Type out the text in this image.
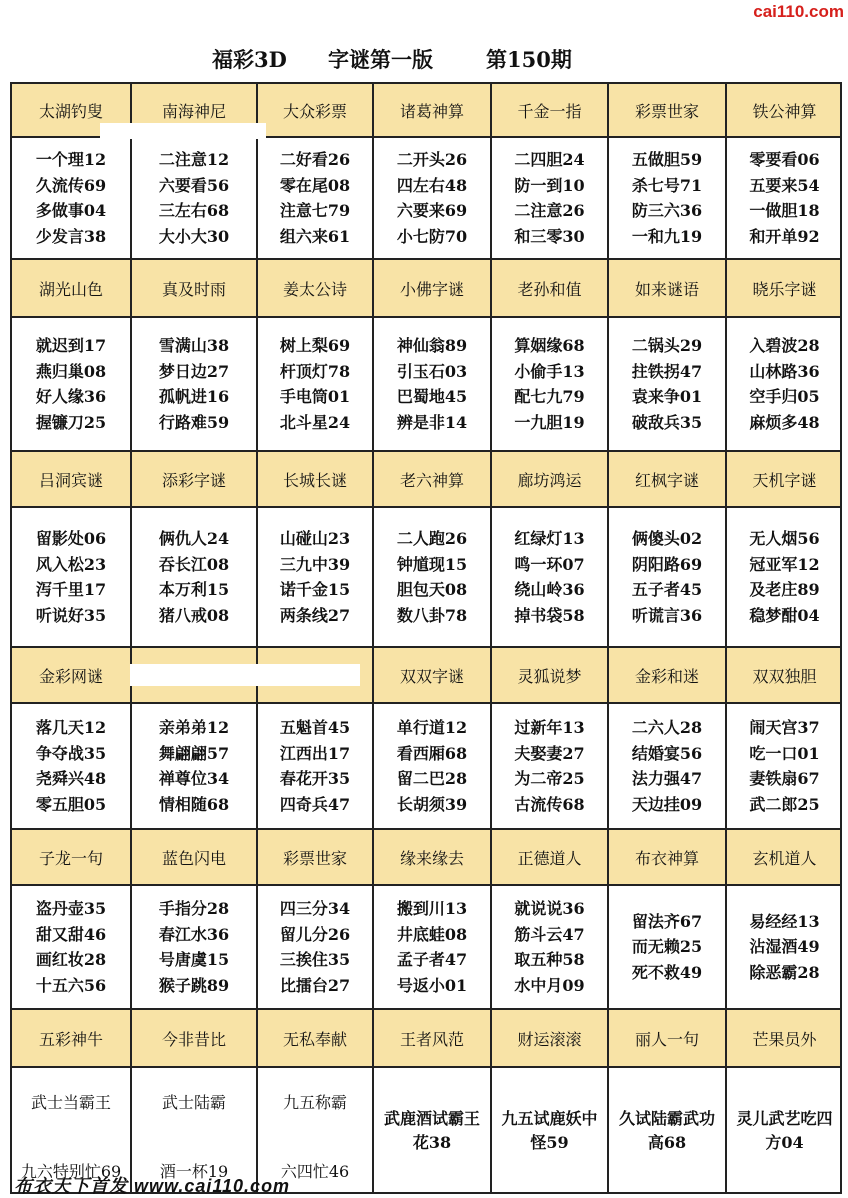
福彩3D 字谜第一版	第150期
cai110.com
太湖钓叟
一个理12
久流传69
多做事04
少发言38
南海神尼
二注意12
六要看56
三左右68
大小大30
大众彩票
二好看26
零在尾08
注意七79
组六来61
诸葛神算
二开头26
四左右48
六要来69
小七防70
千金一指
二四胆24
防一到10
二注意26
和三零30
彩票世家
五做胆59
杀七号71
防三六36
一和九19
铁公神算
零要看06
五要来54
一做胆18
和开单92
湖光山色
就迟到17
燕归巢08
好人缘36
握镰刀25
真及时雨
雪满山38
梦日边27
孤帆进16
行路难59
姜太公诗
树上梨69
杆顶灯78
手电筒01
北斗星24
小佛字谜
神仙翁89
引玉石03
巴蜀地45
辨是非14
老孙和值
算姻缘68
小偷手13
配七九79
一九胆19
如来谜语
二锅头29
拄铁拐47
袁来争01
破敌兵35
晓乐字谜
入碧波28
山林路36
空手归05
麻烦多48
吕洞宾谜
留影处06
风入松23
泻千里17
听说好35
添彩字谜
俩仇人24
吞长江08
本万利15
猪八戒08
长城长谜
山碰山23
三九中39
诺千金15
两条线27
老六神算
二人跑26
钟馗现15
胆包天08
数八卦78
廊坊鸿运
红绿灯13
鸣一环07
绕山岭36
掉书袋58
红枫字谜
俩傻头02
阴阳路69
五子者45
听谎言36
天机字谜
无人烟56
冠亚军12
及老庄89
稳梦酣04
金彩网谜
落几天12
争夺战35
尧舜兴48
零五胆05
亲弟弟12
舞翩翩57
禅尊位34
情相随68
五魁首45
江西出17
春花开35
四奇兵47
双双字谜
单行道12
看西厢68
留二巴28
长胡须39
灵狐说梦
过新年13
夫娶妻27
为二帝25
古流传68
金彩和迷
二六人28
结婚宴56
法力强47
天边挂09
双双独胆
闹天宫37
吃一口01
妻铁扇67
武二郎25
子龙一句
盗丹壶35
甜又甜46
画红妆28
十五六56
蓝色闪电
手指分28
春江水36
号唐虞15
猴子跳89
彩票世家
四三分34
留儿分26
三挨住35
比擂台27
缘来缘去
搬到川13
井底蛙08
孟子者47
号返小01
正德道人
就说说36
筋斗云47
取五种58
水中月09
布衣神算
留法齐67
而无赖25
死不救49
玄机道人
易经经13
沾湿酒49
除恶霸28
五彩神牛
武士当霸王
九六特别忙69
今非昔比
武士陆霸
酒一杯19
无私奉献
九五称霸
六四忙46
王者风范
武鹿酒试霸王花38
财运滚滚
九五试鹿妖中怪59
丽人一句
久试陆霸武功高68
芒果员外
灵儿武艺吃四方04
布衣天下首发 www.cai110.com
